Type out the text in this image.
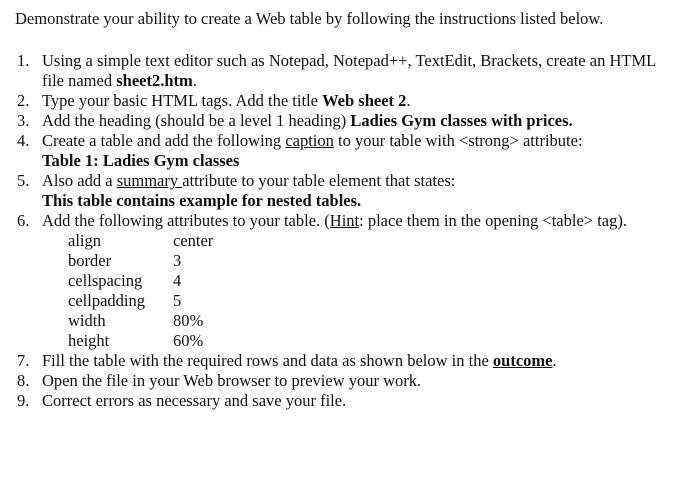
Demonstrate your ability to create a Web table by following the instructions listed below.
1. Using a simple text editor such as Notepad, Notepad++, TextEdit, Brackets, create an HTML
file named sheet2.htm.
2. Type your basic HTML tags. Add the title Web sheet 2.
3. Add the heading (should be a level 1 heading) Ladies Gym classes with prices.
4. Create a table and add the following caption to your table with <strong> attribute:
Table 1: Ladies Gym classes
5. Also add a summary attribute to your table element that states:
This table contains example for nested tables.
6. Add the following attributes to your table. (Hint: place them in the opening <table> tag).
align	center
border	3
cellspacing	4
cellpadding	5
width	80%
height	60%
7. Fill the table with the required rows and data as shown below in the outcome.
8. Open the file in your Web browser to preview your work.
9. Correct errors as necessary and save your file.
